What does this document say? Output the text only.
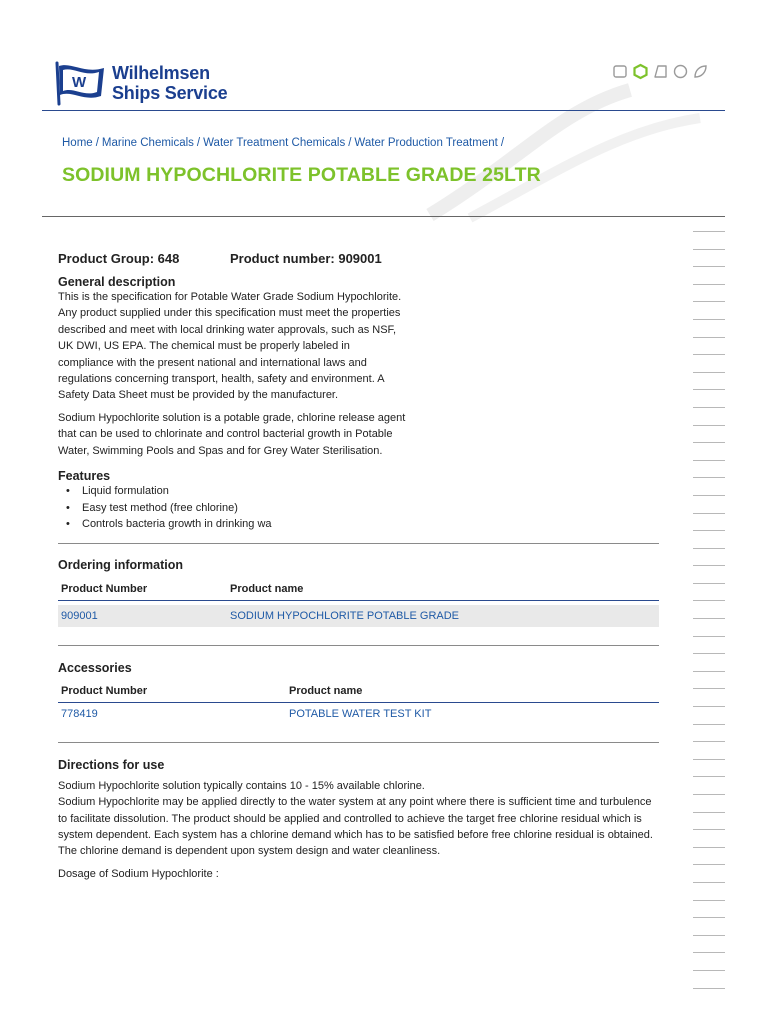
W Wilhelmsen
Ships Service
Home / Marine Chemicals / Water Treatment Chemicals / Water Production Treatment /
SODIUM HYPOCHLORITE POTABLE GRADE 25LTR
Product Group: 648	Product number: 909001
General description

This is the specification for Potable Water Grade Sodium Hypochlorite. Any product supplied under this specification must meet the properties described and meet with local drinking water approvals, such as NSF, UK DWI, US EPA. The chemical must be properly labeled in compliance with the present national and international laws and regulations concerning transport, health, safety and environment. A Safety Data Sheet must be provided by the manufacturer.

Sodium Hypochlorite solution is a potable grade, chlorine release agent that can be used to chlorinate and control bacterial growth in Potable Water, Swimming Pools and Spas and for Grey Water Sterilisation.

Features
• Liquid formulation
• Easy test method (free chlorine)
• Controls bacteria growth in drinking wa
Ordering information
Product Number	Product name

909001	SODIUM HYPOCHLORITE POTABLE GRADE
Accessories
Product Number	Product name

778419	POTABLE WATER TEST KIT
Directions for use

Sodium Hypochlorite solution typically contains 10 - 15% available chlorine.

Sodium Hypochlorite may be applied directly to the water system at any point where there is sufficient time and turbulence to facilitate dissolution. The product should be applied and controlled to achieve the target free chlorine residual which is system dependent. Each system has a chlorine demand which has to be satisfied before free chlorine residual is obtained. The chlorine demand is dependent upon system design and water cleanliness.

Dosage of Sodium Hypochlorite :
